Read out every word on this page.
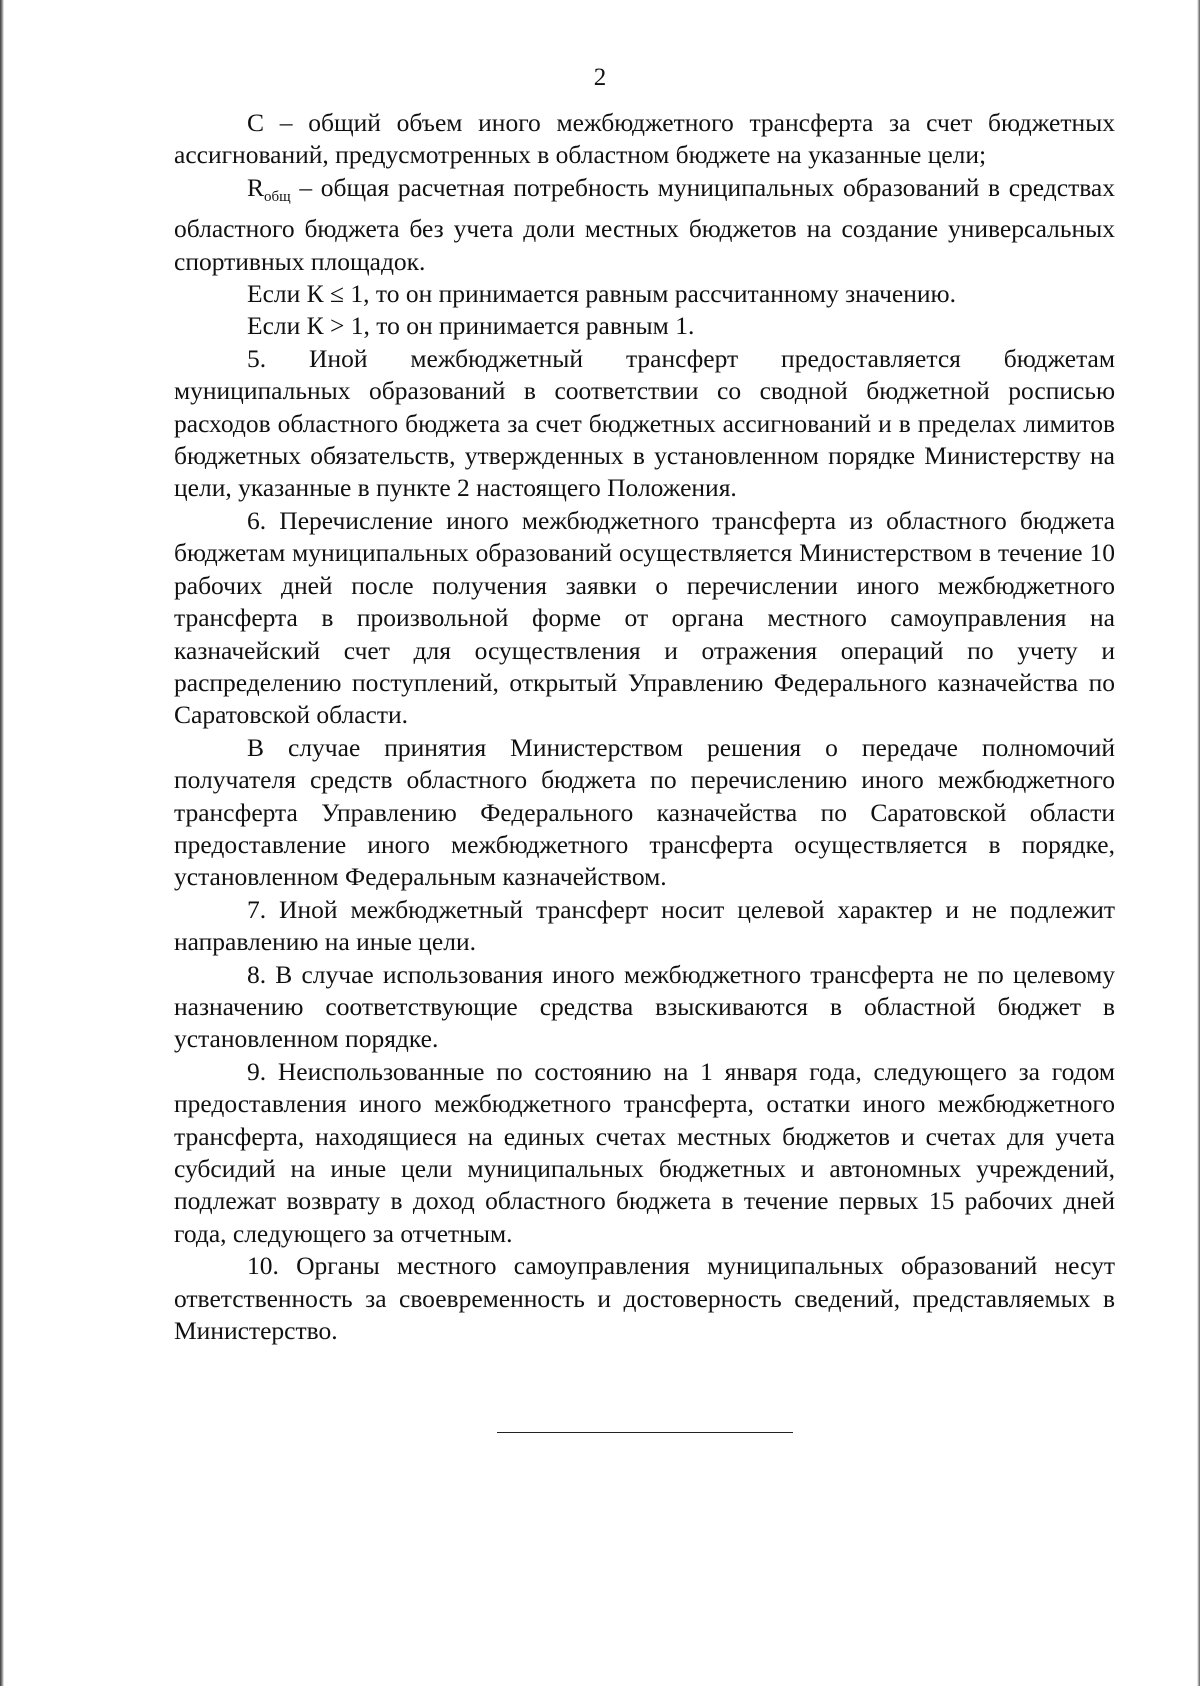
2

С – общий объем иного межбюджетного трансферта за счет бюджетных ассигнований, предусмотренных в областном бюджете на указанные цели;

$R_{общ}$ – общая расчетная потребность муниципальных образований в средствах областного бюджета без учета доли местных бюджетов на создание универсальных спортивных площадок.

Если К ≤ 1, то он принимается равным рассчитанному значению.

Если К > 1, то он принимается равным 1.

5. Иной межбюджетный трансферт предоставляется бюджетам муниципальных образований в соответствии со сводной бюджетной росписью расходов областного бюджета за счет бюджетных ассигнований и в пределах лимитов бюджетных обязательств, утвержденных в установленном порядке Министерству на цели, указанные в пункте 2 настоящего Положения.

6. Перечисление иного межбюджетного трансферта из областного бюджета бюджетам муниципальных образований осуществляется Министерством в течение 10 рабочих дней после получения заявки о перечислении иного межбюджетного трансферта в произвольной форме от органа местного самоуправления на казначейский счет для осуществления и отражения операций по учету и распределению поступлений, открытый Управлению Федерального казначейства по Саратовской области.

В случае принятия Министерством решения о передаче полномочий получателя средств областного бюджета по перечислению иного межбюджетного трансферта Управлению Федерального казначейства по Саратовской области предоставление иного межбюджетного трансферта осуществляется в порядке, установленном Федеральным казначейством.

7. Иной межбюджетный трансферт носит целевой характер и не подлежит направлению на иные цели.

8. В случае использования иного межбюджетного трансферта не по целевому назначению соответствующие средства взыскиваются в областной бюджет в установленном порядке.

9. Неиспользованные по состоянию на 1 января года, следующего за годом предоставления иного межбюджетного трансферта, остатки иного межбюджетного трансферта, находящиеся на единых счетах местных бюджетов и счетах для учета субсидий на иные цели муниципальных бюджетных и автономных учреждений, подлежат возврату в доход областного бюджета в течение первых 15 рабочих дней года, следующего за отчетным.

10. Органы местного самоуправления муниципальных образований несут ответственность за своевременность и достоверность сведений, представляемых в Министерство.
